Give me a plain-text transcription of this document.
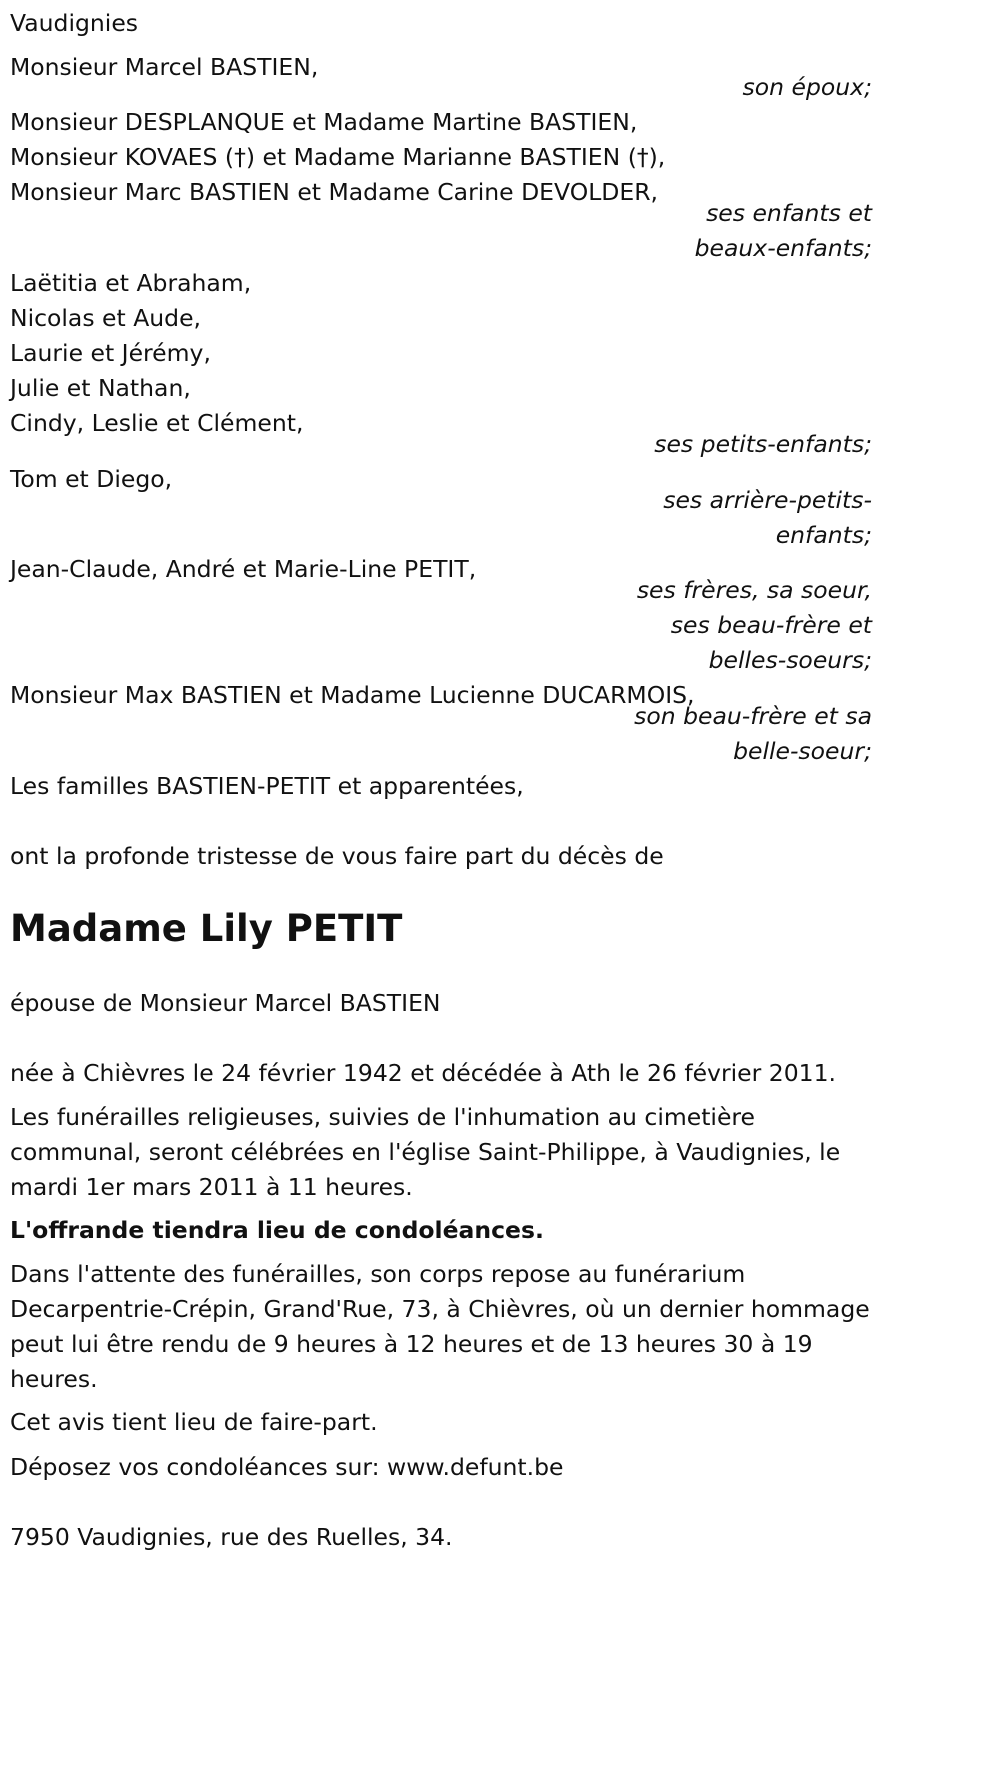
Vaudignies
Monsieur Marcel BASTIEN,
son époux;
Monsieur DESPLANQUE et Madame Martine BASTIEN,
Monsieur KOVAES (†) et Madame Marianne BASTIEN (†),
Monsieur Marc BASTIEN et Madame Carine DEVOLDER,
ses enfants et
beaux-enfants;
Laëtitia et Abraham,
Nicolas et Aude,
Laurie et Jérémy,
Julie et Nathan,
Cindy, Leslie et Clément,
ses petits-enfants;
Tom et Diego,
ses arrière-petits-
enfants;
Jean-Claude, André et Marie-Line PETIT,
ses frères, sa soeur,
ses beau-frère et
belles-soeurs;
Monsieur Max BASTIEN et Madame Lucienne DUCARMOIS,
son beau-frère et sa
belle-soeur;
Les familles BASTIEN-PETIT et apparentées,
ont la profonde tristesse de vous faire part du décès de
Madame Lily PETIT
épouse de Monsieur Marcel BASTIEN
née à Chièvres le 24 février 1942 et décédée à Ath le 26 février 2011.
Les funérailles religieuses, suivies de l'inhumation au cimetière
communal, seront célébrées en l'église Saint-Philippe, à Vaudignies, le
mardi 1er mars 2011 à 11 heures.
L'offrande tiendra lieu de condoléances.
Dans l'attente des funérailles, son corps repose au funérarium
Decarpentrie-Crépin, Grand'Rue, 73, à Chièvres, où un dernier hommage
peut lui être rendu de 9 heures à 12 heures et de 13 heures 30 à 19
heures.
Cet avis tient lieu de faire-part.
Déposez vos condoléances sur: www.defunt.be
7950 Vaudignies, rue des Ruelles, 34.
